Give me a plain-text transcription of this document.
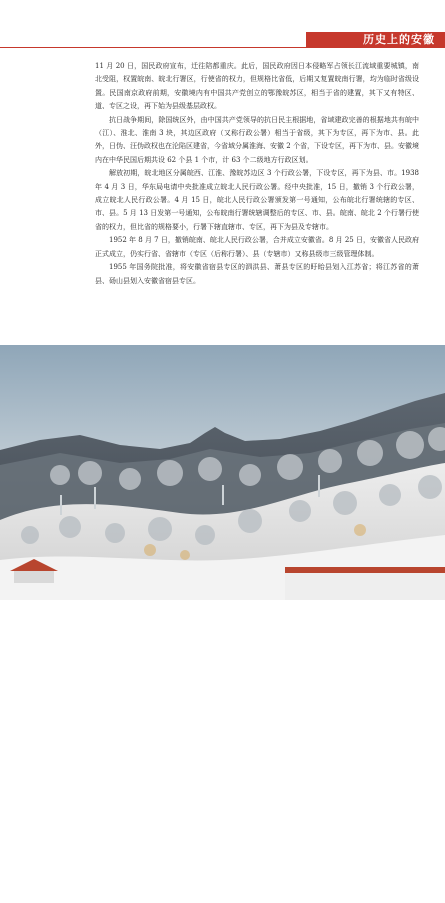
历史上的安徽

11 月 20 日，国民政府宣布，迁往陪都重庆。此后，国民政府因日本侵略军占领长江流域重要城镇，南北受阻，权置皖南、皖北行署区，行使省的权力，但规格比省低，后期又复置皖南行署，均为临时省级设置。民国南京政府前期，安徽境内有中国共产党创立的鄂豫皖苏区，相当于省的建置，其下又有特区、道、专区之设，再下始为县级基层政权。

抗日战争期间，除国统区外，由中国共产党领导的抗日民主根据地，省域建政完善的根据地共有皖中（江）、淮北、淮南 3 块，其边区政府（又称行政公署）相当于省级，其下为专区，再下为市、县。此外，日伪、汪伪政权也在沦陷区建省，今省域分属淮海、安徽 2 个省，下设专区，再下为市、县。安徽境内在中华民国后期共设 62 个县 1 个市，计 63 个二级地方行政区划。

解放初期，皖北地区分属皖西、江淮、豫皖苏边区 3 个行政公署，下设专区，再下为县、市。1938 年 4 月 3 日，华东局电请中央批准成立皖北人民行政公署。经中央批准，15 日，撤销 3 个行政公署，成立皖北人民行政公署。4 月 15 日，皖北人民行政公署颁发第一号通知，公布皖北行署统辖的专区、市、县。5 月 13 日发第一号通知，公布皖南行署统辖调整后的专区、市、县。皖南、皖北 2 个行署行使省的权力，但比省的规格要小，行署下辖直辖市、专区，再下为县及专辖市。

1952 年 8 月 7 日，撤销皖南、皖北人民行政公署，合并成立安徽省。8 月 25 日，安徽省人民政府正式成立，仍实行省、省辖市（专区（后称行署）、县（专辖市）又称县级市三级管理体制。

1955 年国务院批准，将安徽省宿县专区的泗洪县、萧县专区的盱眙县划入江苏省；将江苏省的萧县、砀山县划入安徽省宿县专区。

GANSUANHUISHANGHUI | 004
